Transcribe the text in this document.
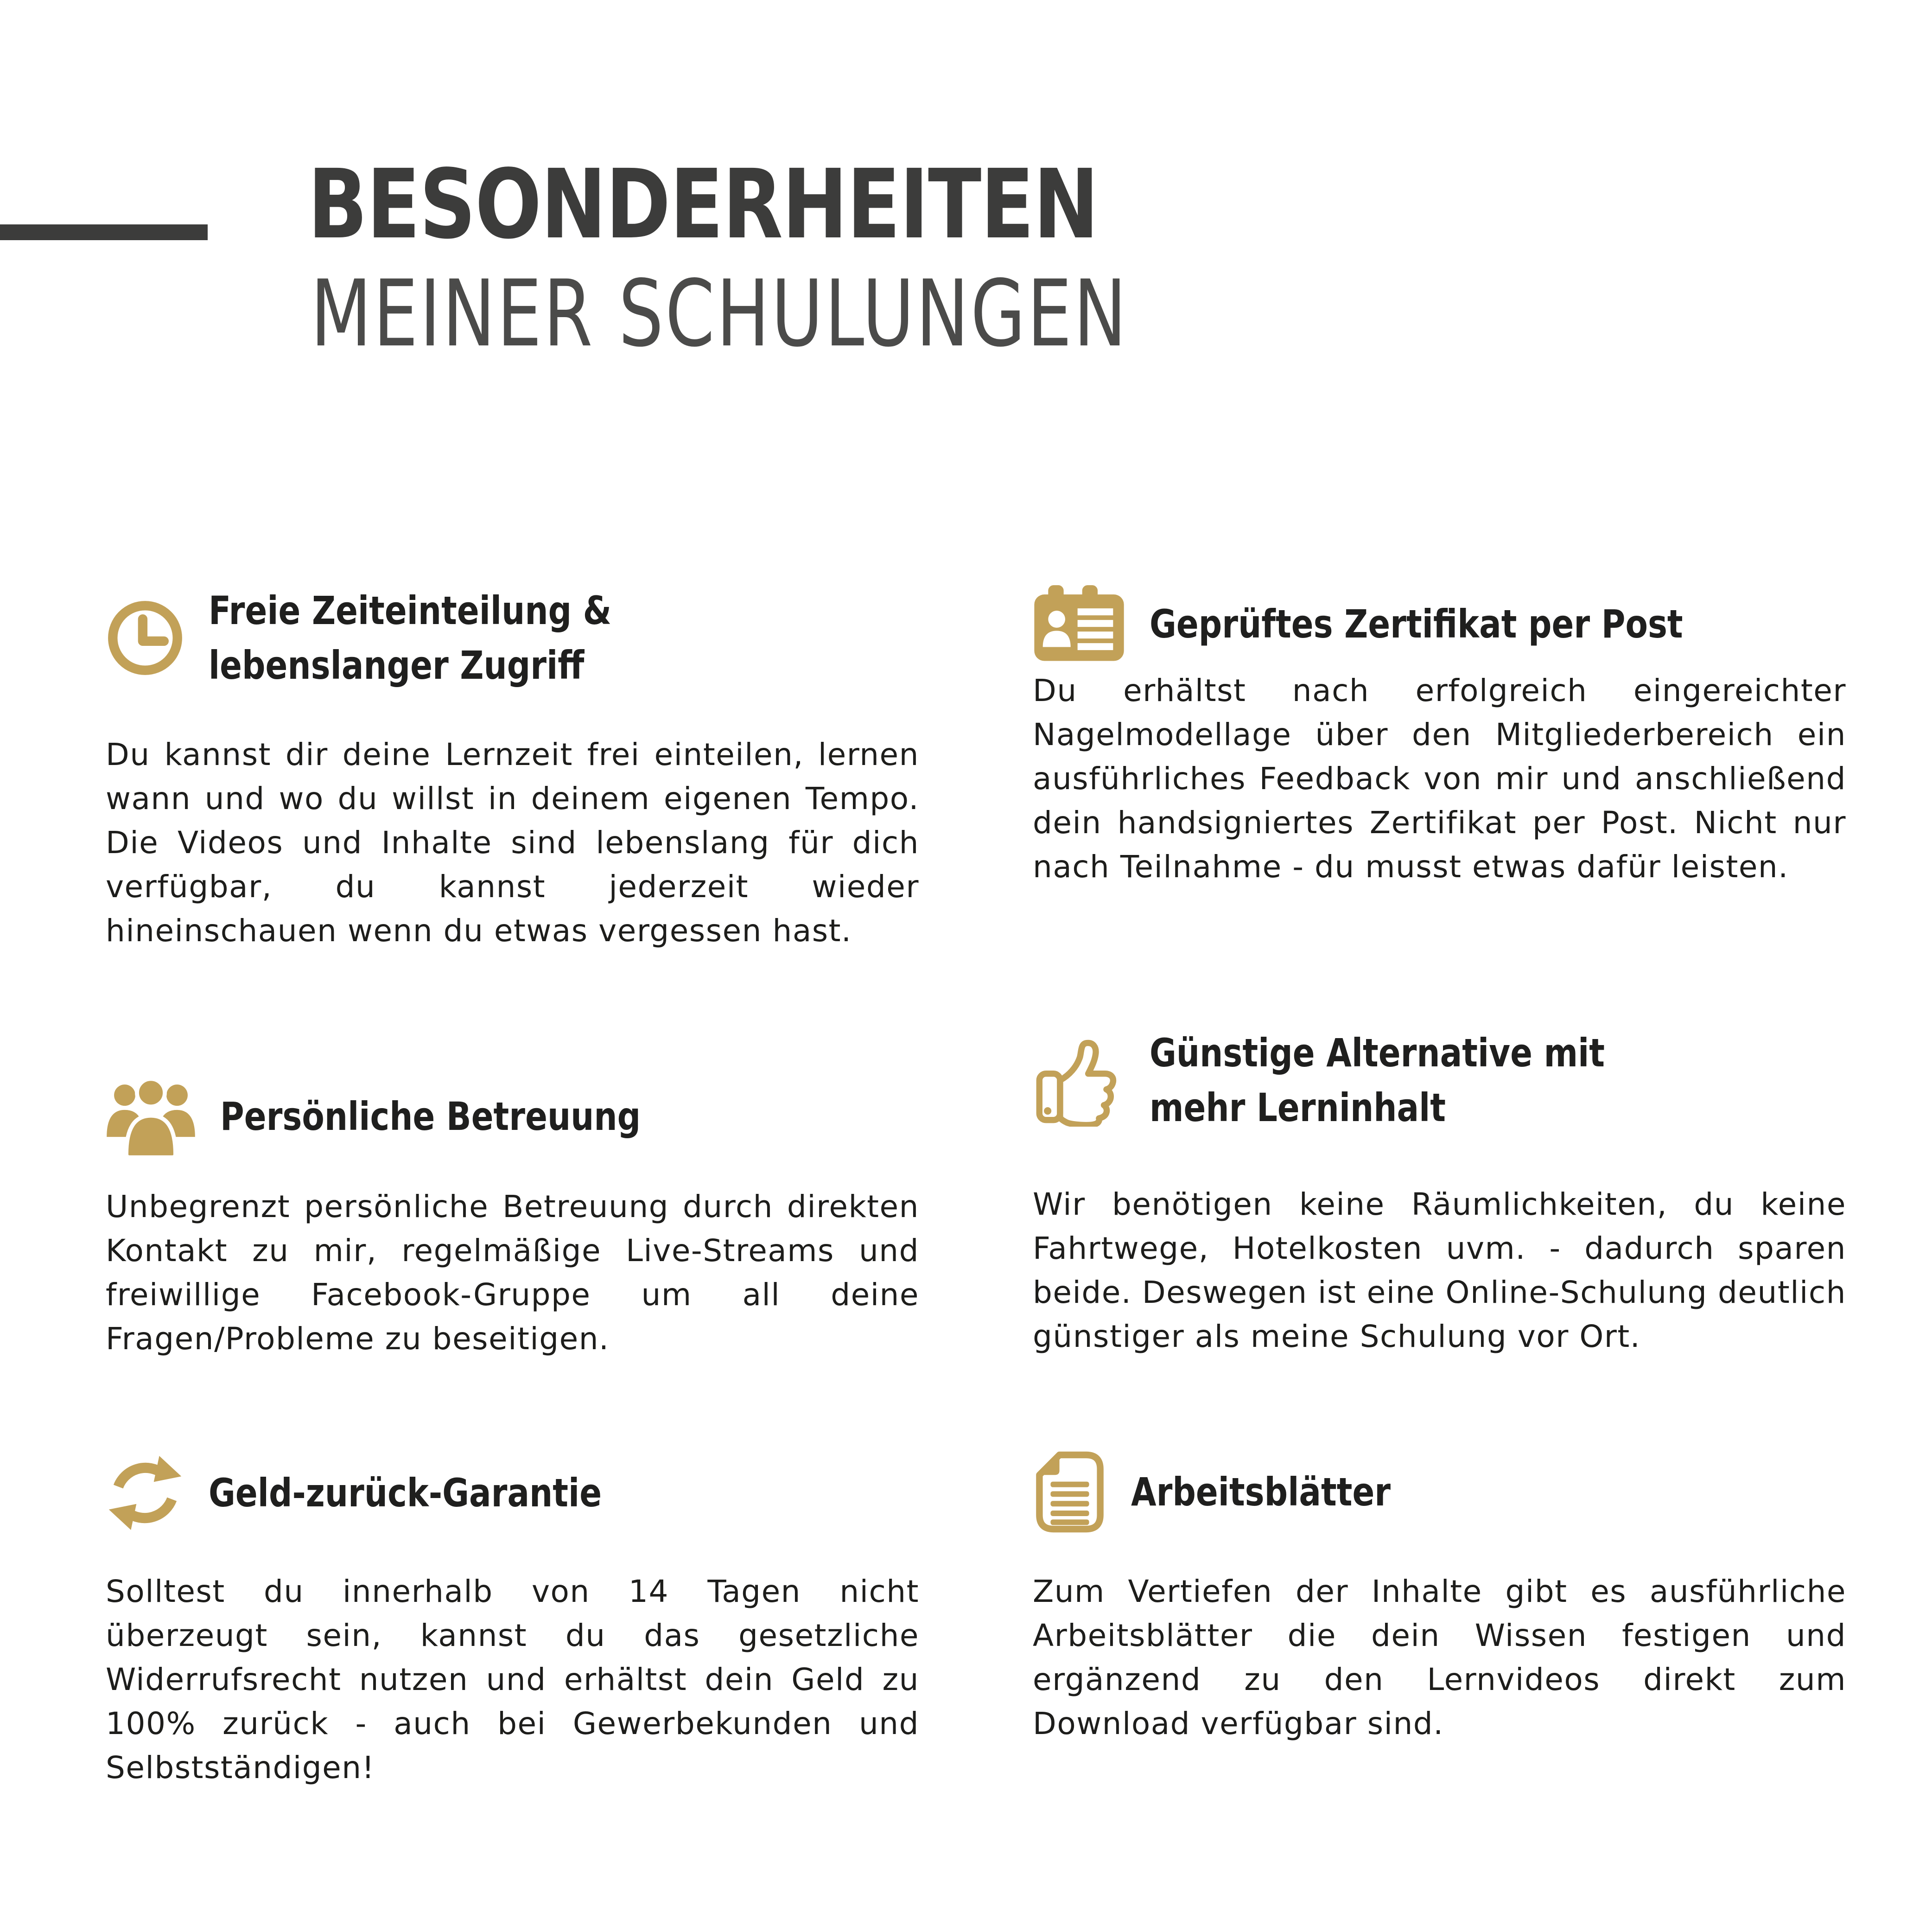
BESONDERHEITEN
MEINER SCHULUNGEN
Freie Zeiteinteilung &
lebenslanger Zugriff

Du kannst dir deine Lernzeit frei einteilen, lernen wann und wo du willst in deinem eigenen Tempo. Die Videos und Inhalte sind lebenslang für dich verfügbar, du kannst jederzeit wieder hineinschauen wenn du etwas vergessen hast.

Persönliche Betreuung

Unbegrenzt persönliche Betreuung durch direkten Kontakt zu mir, regelmäßige Live-Streams und freiwillige Facebook-Gruppe um all deine Fragen/Probleme zu beseitigen.

Geld-zurück-Garantie

Solltest du innerhalb von 14 Tagen nicht überzeugt sein, kannst du das gesetzliche Widerrufsrecht nutzen und erhältst dein Geld zu 100% zurück - auch bei Gewerbekunden und Selbstständigen!

Geprüftes Zertifikat per Post

Du erhältst nach erfolgreich eingereichter Nagelmodellage über den Mitgliederbereich ein ausführliches Feedback von mir und anschließend dein handsigniertes Zertifikat per Post. Nicht nur nach Teilnahme - du musst etwas dafür leisten.

Günstige Alternative mit
mehr Lerninhalt

Wir benötigen keine Räumlichkeiten, du keine Fahrtwege, Hotelkosten uvm. - dadurch sparen beide. Deswegen ist eine Online-Schulung deutlich günstiger als meine Schulung vor Ort.

Arbeitsblätter

Zum Vertiefen der Inhalte gibt es ausführliche Arbeitsblätter die dein Wissen festigen und ergänzend zu den Lernvideos direkt zum Download verfügbar sind.
